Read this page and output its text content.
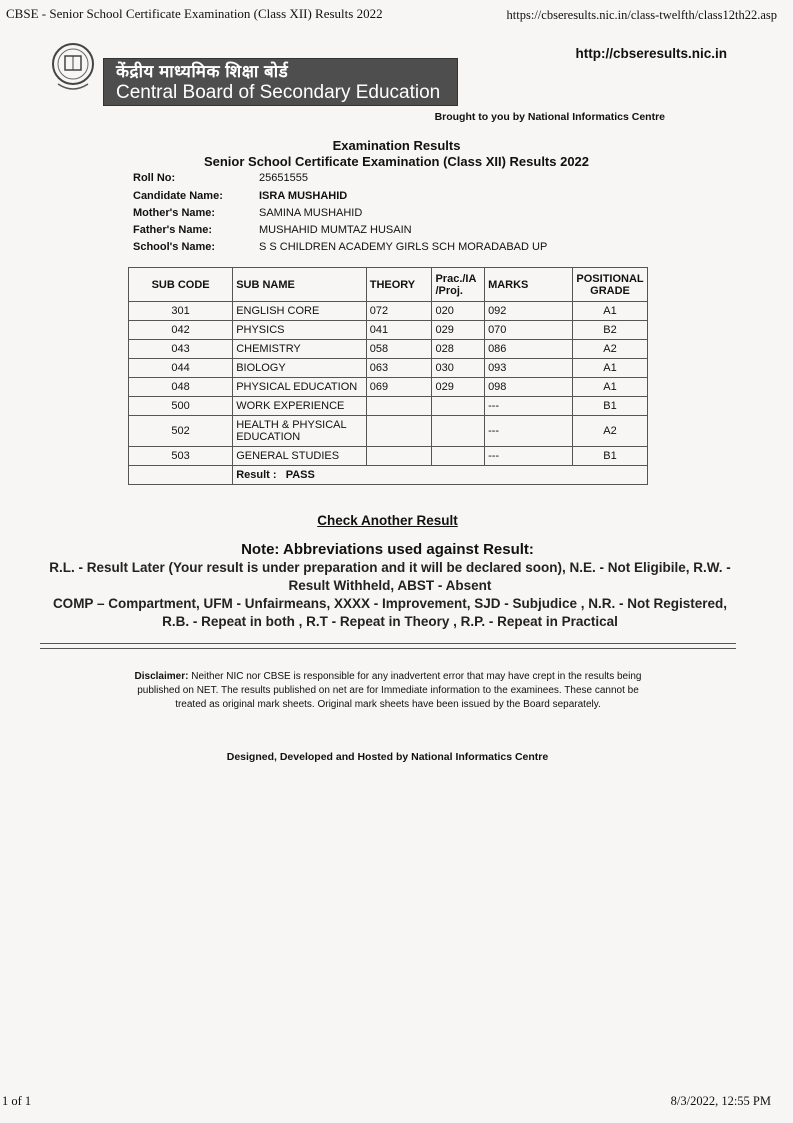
CBSE - Senior School Certificate Examination (Class XII) Results 2022	https://cbseresults.nic.in/class-twelfth/class12th22.asp
http://cbseresults.nic.in
केंद्रीय माध्यमिक शिक्षा बोर्ड
Central Board of Secondary Education
Brought to you by National Informatics Centre
Examination Results
Senior School Certificate Examination (Class XII) Results 2022
Roll No:	25651555
Candidate Name:	ISRA MUSHAHID
Mother's Name:	SAMINA MUSHAHID
Father's Name:	MUSHAHID MUMTAZ HUSAIN
School's Name:	S S CHILDREN ACADEMY GIRLS SCH MORADABAD UP
SUB CODE	SUB NAME	THEORY	Prac./IA /Proj.	MARKS	POSITIONAL GRADE
301	ENGLISH CORE	072	020	092	A1
042	PHYSICS	041	029	070	B2
043	CHEMISTRY	058	028	086	A2
044	BIOLOGY	063	030	093	A1
048	PHYSICAL EDUCATION	069	029	098	A1
500	WORK EXPERIENCE			---	B1
502	HEALTH & PHYSICAL EDUCATION			---	A2
503	GENERAL STUDIES			---	B1
	Result : PASS				
Check Another Result
Note: Abbreviations used against Result:
R.L. - Result Later (Your result is under preparation and it will be declared soon), N.E. - Not Eligibile, R.W. - Result Withheld, ABST - Absent
COMP – Compartment, UFM - Unfairmeans, XXXX - Improvement, SJD - Subjudice , N.R. - Not Registered, R.B. - Repeat in both , R.T - Repeat in Theory , R.P. - Repeat in Practical
Disclaimer: Neither NIC nor CBSE is responsible for any inadvertent error that may have crept in the results being published on NET. The results published on net are for Immediate information to the examinees. These cannot be treated as original mark sheets. Original mark sheets have been issued by the Board separately.
Designed, Developed and Hosted by National Informatics Centre
1 of 1	8/3/2022, 12:55 PM
